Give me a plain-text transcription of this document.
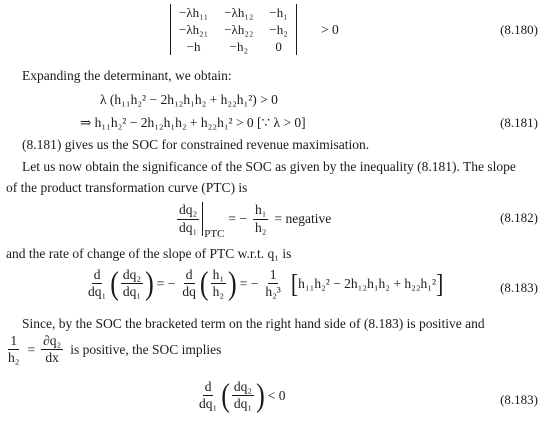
−λh₁₁	−λh₁₂	−h₁
−λh₂₁	−λh₂₂	−h₂
−h	−h₂	0
> 0	(8.180)
Expanding the determinant, we obtain:
λ (h₁₁h₂² − 2h₁₂h₁h₂ + h₂₂h₁²) > 0
⇒ h₁₁h₂² − 2h₁₂h₁h₂ + h₂₂h₁² > 0 [∵ λ > 0]	(8.181)
(8.181) gives us the SOC for constrained revenue maximisation.
Let us now obtain the significance of the SOC as given by the inequality (8.181). The slope
of the product transformation curve (PTC) is
$\frac{\text{dq₂}}{\text{dq₁}}$ PTC
= − $\frac{\text{h₁}}{\text{h₂}}$ = negative	(8.182)
and the rate of change of the slope of PTC w.r.t. q₁ is
$\frac{d}{\text{dq₁}}$ ( $\frac{\text{dq₂}}{\text{dq₁}}$ ) = − $\frac{d}{dq}$ ( $\frac{\text{h₁}}{\text{h₂}}$ ) = − $\frac{1}{\text{h₂³}}$ [ h₁₁h₂² − 2h₁₂h₁h₂ + h₂₂h₁² ]	(8.183)
Since, by the SOC the bracketed term on the right hand side of (8.183) is positive and
$\frac{1}{\text{h₂}} = \frac{\text{∂q₂}}{dx}$ is positive, the SOC implies
$\frac{d}{\text{dq₁}}$ ( $\frac{\text{dq₂}}{\text{dq₁}}$ ) < 0	(8.183)
